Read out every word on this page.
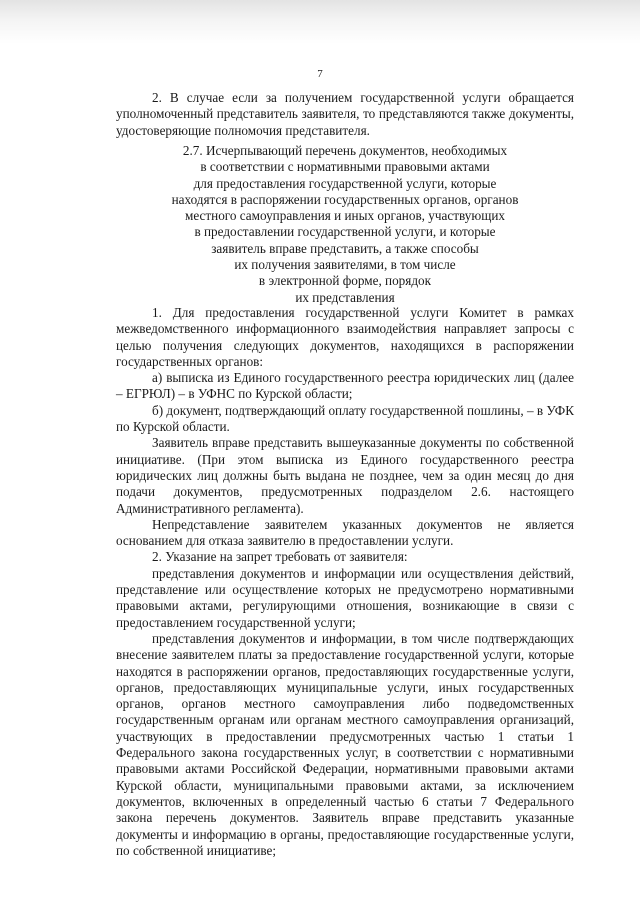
7

2. В случае если за получением государственной услуги обращается уполномоченный представитель заявителя, то представляются также документы, удостоверяющие полномочия представителя.

2.7. Исчерпывающий перечень документов, необходимых
в соответствии с нормативными правовыми актами
для предоставления государственной услуги, которые
находятся в распоряжении государственных органов, органов
местного самоуправления и иных органов, участвующих
в предоставлении государственной услуги, и которые
заявитель вправе представить, а также способы
их получения заявителями, в том числе
в электронной форме, порядок
их представления

1. Для предоставления государственной услуги Комитет в рамках межведомственного информационного взаимодействия направляет запросы с целью получения следующих документов, находящихся в распоряжении государственных органов:

а) выписка из Единого государственного реестра юридических лиц (далее – ЕГРЮЛ) – в УФНС по Курской области;

б) документ, подтверждающий оплату государственной пошлины, – в УФК по Курской области.

Заявитель вправе представить вышеуказанные документы по собственной инициативе. (При этом выписка из Единого государственного реестра юридических лиц должны быть выдана не позднее, чем за один месяц до дня подачи документов, предусмотренных подразделом 2.6. настоящего Административного регламента).

Непредставление заявителем указанных документов не является основанием для отказа заявителю в предоставлении услуги.

2. Указание на запрет требовать от заявителя:

представления документов и информации или осуществления действий, представление или осуществление которых не предусмотрено нормативными правовыми актами, регулирующими отношения, возникающие в связи с предоставлением государственной услуги;

представления документов и информации, в том числе подтверждающих внесение заявителем платы за предоставление государственной услуги, которые находятся в распоряжении органов, предоставляющих государственные услуги, органов, предоставляющих муниципальные услуги, иных государственных органов, органов местного самоуправления либо подведомственных государственным органам или органам местного самоуправления организаций, участвующих в предоставлении предусмотренных частью 1 статьи 1 Федерального закона государственных услуг, в соответствии с нормативными правовыми актами Российской Федерации, нормативными правовыми актами Курской области, муниципальными правовыми актами, за исключением документов, включенных в определенный частью 6 статьи 7 Федерального закона перечень документов. Заявитель вправе представить указанные документы и информацию в органы, предоставляющие государственные услуги, по собственной инициативе;
